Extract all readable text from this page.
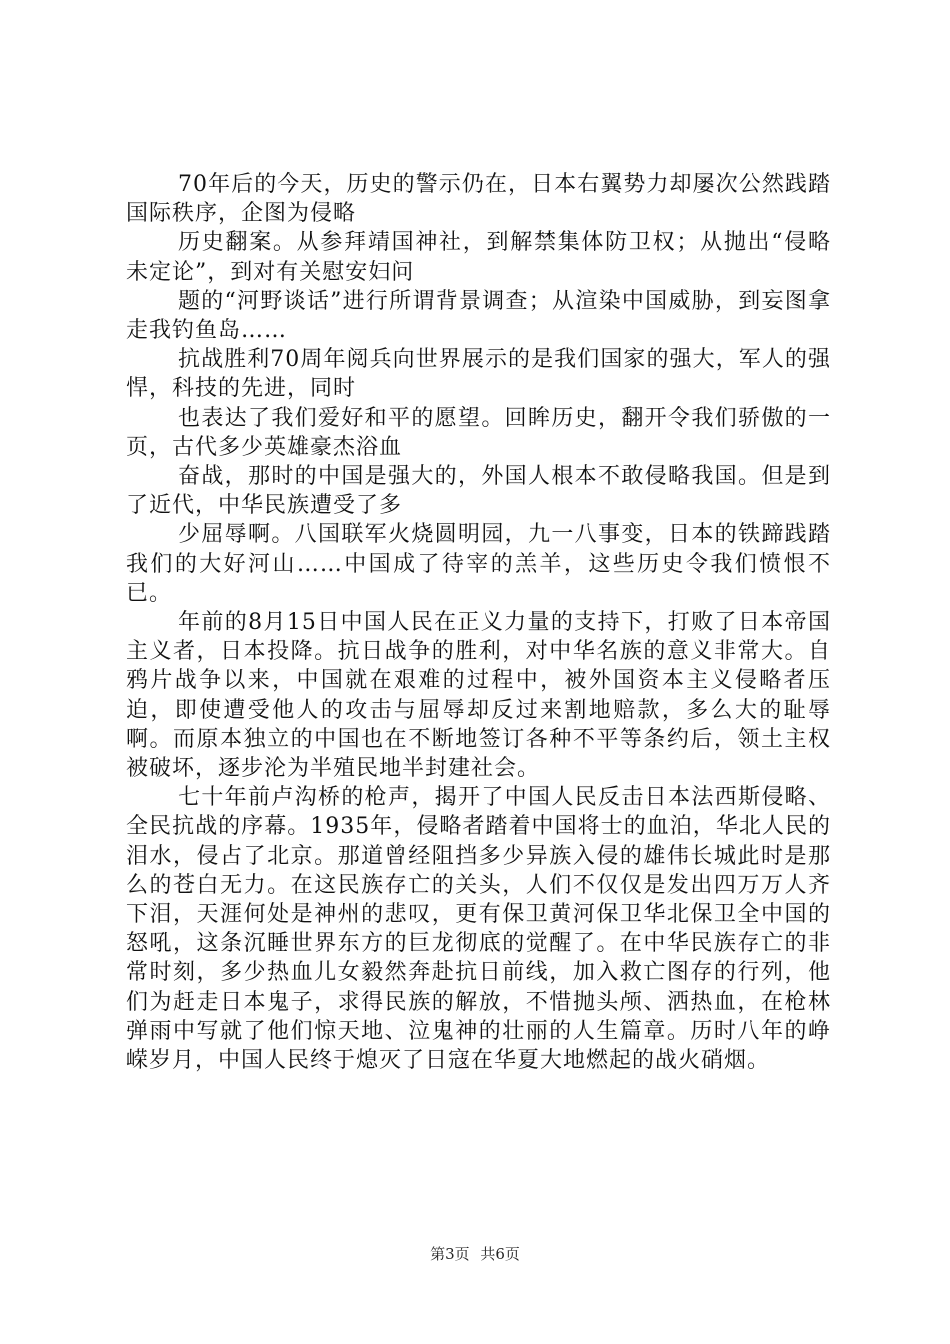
70年后的今天，历史的警示仍在，日本右翼势力却屡次公然践踏国际秩序，企图为侵略

历史翻案。从参拜靖国神社，到解禁集体防卫权；从抛出“侵略未定论”，到对有关慰安妇问

题的“河野谈话”进行所谓背景调查；从渲染中国威胁，到妄图拿走我钓鱼岛……

抗战胜利70周年阅兵向世界展示的是我们国家的强大，军人的强悍，科技的先进，同时

也表达了我们爱好和平的愿望。回眸历史，翻开令我们骄傲的一页，古代多少英雄豪杰浴血

奋战，那时的中国是强大的，外国人根本不敢侵略我国。但是到了近代，中华民族遭受了多

少屈辱啊。八国联军火烧圆明园，九一八事变，日本的铁蹄践踏我们的大好河山……中国成了待宰的羔羊，这些历史令我们愤恨不已。

年前的8月15日中国人民在正义力量的支持下，打败了日本帝国主义者，日本投降。抗日战争的胜利，对中华名族的意义非常大。自鸦片战争以来，中国就在艰难的过程中，被外国资本主义侵略者压迫，即使遭受他人的攻击与屈辱却反过来割地赔款，多么大的耻辱啊。而原本独立的中国也在不断地签订各种不平等条约后，领土主权被破坏，逐步沦为半殖民地半封建社会。

七十年前卢沟桥的枪声，揭开了中国人民反击日本法西斯侵略、全民抗战的序幕。1935年，侵略者踏着中国将士的血泊，华北人民的泪水，侵占了北京。那道曾经阻挡多少异族入侵的雄伟长城此时是那么的苍白无力。在这民族存亡的关头，人们不仅仅是发出四万万人齐下泪，天涯何处是神州的悲叹，更有保卫黄河保卫华北保卫全中国的怒吼，这条沉睡世界东方的巨龙彻底的觉醒了。在中华民族存亡的非常时刻，多少热血儿女毅然奔赴抗日前线，加入救亡图存的行列，他们为赶走日本鬼子，求得民族的解放，不惜抛头颅、洒热血，在枪林弹雨中写就了他们惊天地、泣鬼神的壮丽的人生篇章。历时八年的峥嵘岁月，中国人民终于熄灭了日寇在华夏大地燃起的战火硝烟。

第3页 共6页
